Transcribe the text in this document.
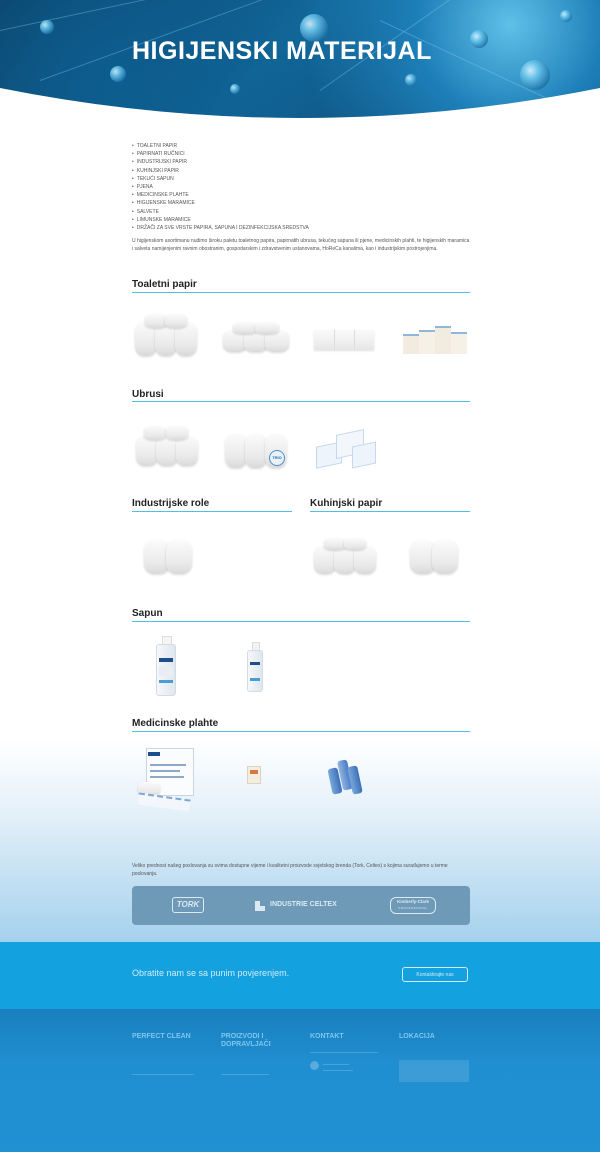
HIGIJENSKI MATERIJAL
• TOALETNI PAPIR
• PAPIRNATI RUČNICI
• INDUSTRIJSKI PAPIR
• KUHINJSKI PAPIR
• TEKUĆI SAPUN
• PJENA
• MEDICINSKE PLAHTE
• HIGIJENSKE MARAMICE
• SALVETE
• LIMUNSKE MARAMICE
• DRŽAČI ZA SVE VRSTE PAPIRA, SAPUNA I DEZINFEKCIJSKA SREDSTVA

U higijenskom asortimanu nudimo široku paletu toaletnog papira, papirnatih ubrusa, tekućeg sapuna ili pjene, medicinskih plahti, te higijenskih maramica i salveta namijenjenim ravnim obostranim, gospodarskim i zdravstvenim ustanovama, HoReCa kanalima, kao i industrijskim postrojenjima.

Toaletni papir
Ubrusi
TRIO
Industrijske role	Kuhinjski papir
Sapun
Medicinske plahte

Veliko prednost našeg poslovanja su svima dostupne vijeme i kvalitetni proizvode svjetskog brenda (Tork, Celtex) s kojima surađujemo u terme poslovanja.

TORK	INDUSTRIE CELTEX	Kimberly-Clark
PROFESSIONAL
Obratite nam se sa punim povjerenjem.	Kontaktirajte nas
PERFECT CLEAN	PROIZVODI I DOPRAVLJAČI
KONTAKT	LOKACIJA
